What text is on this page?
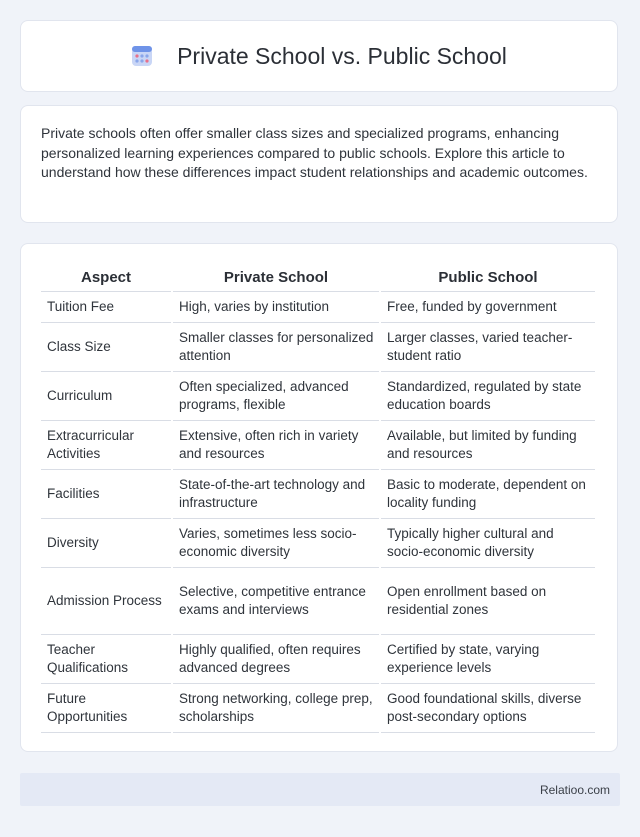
Private School vs. Public School

Private schools often offer smaller class sizes and specialized programs, enhancing personalized learning experiences compared to public schools. Explore this article to understand how these differences impact student relationships and academic outcomes.

Aspect	Private School	Public School
Tuition Fee	High, varies by institution	Free, funded by government
Class Size	Smaller classes for personalized attention	Larger classes, varied teacher-student ratio
Curriculum	Often specialized, advanced programs, flexible	Standardized, regulated by state education boards
Extracurricular Activities	Extensive, often rich in variety and resources	Available, but limited by funding and resources
Facilities	State-of-the-art technology and infrastructure	Basic to moderate, dependent on locality funding
Diversity	Varies, sometimes less socio-economic diversity	Typically higher cultural and socio-economic diversity
Admission Process	Selective, competitive entrance exams and interviews	Open enrollment based on residential zones
Teacher Qualifications	Highly qualified, often requires advanced degrees	Certified by state, varying experience levels
Future Opportunities	Strong networking, college prep, scholarships	Good foundational skills, diverse post-secondary options
Relatioo.com
